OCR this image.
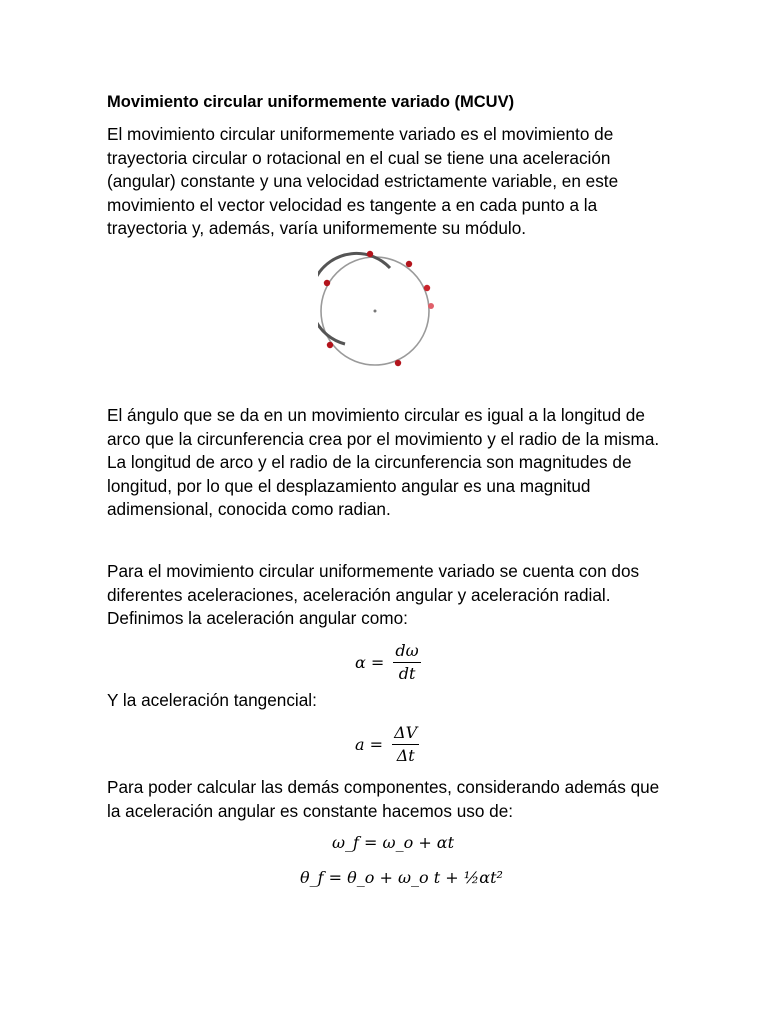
Movimiento circular uniformemente variado (MCUV)

El movimiento circular uniformemente variado es el movimiento de trayectoria circular o rotacional en el cual se tiene una aceleración (angular) constante y una velocidad estrictamente variable, en este movimiento el vector velocidad es tangente a en cada punto a la trayectoria y, además, varía uniformemente su módulo.

El ángulo que se da en un movimiento circular es igual a la longitud de arco que la circunferencia crea por el movimiento y el radio de la misma. La longitud de arco y el radio de la circunferencia son magnitudes de longitud, por lo que el desplazamiento angular es una magnitud adimensional, conocida como radian.

Para el movimiento circular uniformemente variado se cuenta con dos diferentes aceleraciones, aceleración angular y aceleración radial. Definimos la aceleración angular como:

$\alpha = \frac{d\omega}{dt}$

Y la aceleración tangencial:

$a = \frac{\Delta V}{\Delta t}$

Para poder calcular las demás componentes, considerando además que la aceleración angular es constante hacemos uso de:

ω_f = ω_o + αt
θ_f = θ_o + ω_o t + ½αt²
